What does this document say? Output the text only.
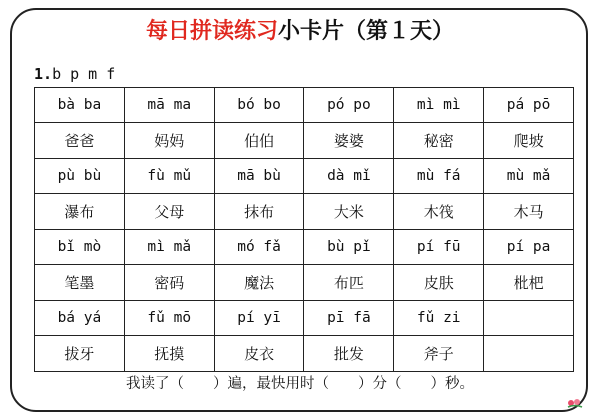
每日拼读练习小卡片（第１天）
1.b p m f
bà ba	mā ma	bó bo	pó po	mì mì	pá pō
爸爸	妈妈	伯伯	婆婆	秘密	爬坡
pù bù	fù mǔ	mā bù	dà mǐ	mù fá	mù mǎ
瀑布	父母	抹布	大米	木筏	木马
bǐ mò	mì mǎ	mó fǎ	bù pǐ	pí fū	pí pa
笔墨	密码	魔法	布匹	皮肤	枇杷
bá yá	fǔ mō	pí yī	pī fā	fǔ zi	
拔牙	抚摸	皮衣	批发	斧子	
我读了（　　）遍，最快用时（　　）分（　　）秒。
